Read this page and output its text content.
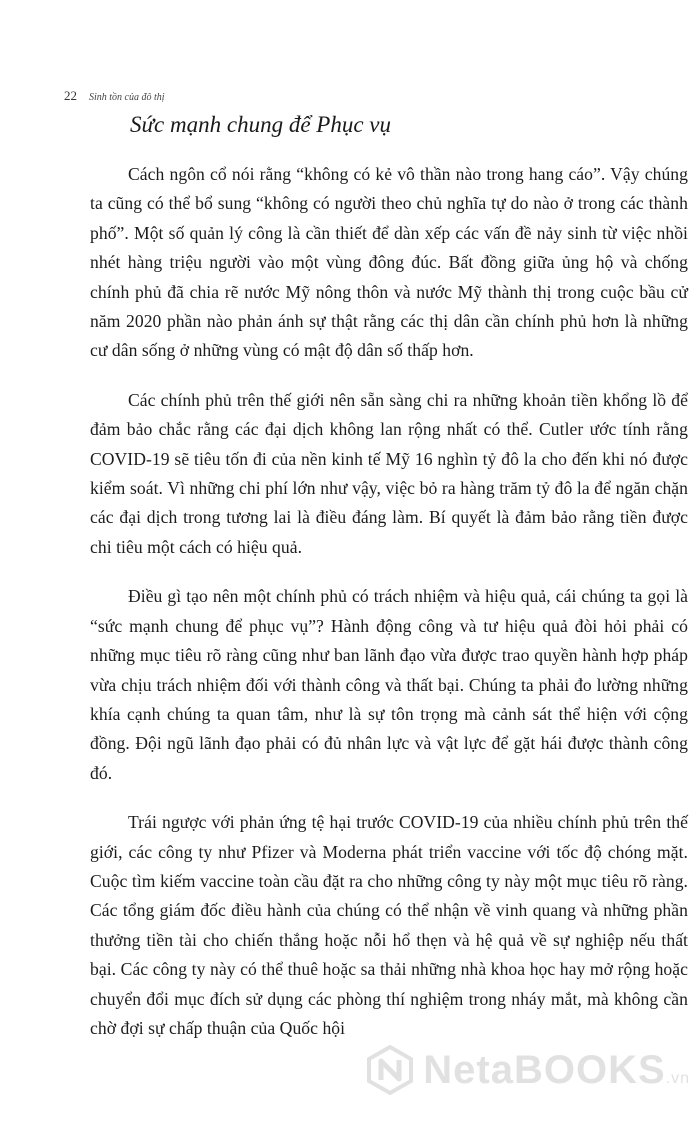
22 Sinh tồn của đô thị
Sức mạnh chung để Phục vụ

Cách ngôn cổ nói rằng “không có kẻ vô thần nào trong hang cáo”. Vậy chúng ta cũng có thể bổ sung “không có người theo chủ nghĩa tự do nào ở trong các thành phố”. Một số quản lý công là cần thiết để dàn xếp các vấn đề nảy sinh từ việc nhồi nhét hàng triệu người vào một vùng đông đúc. Bất đồng giữa ủng hộ và chống chính phủ đã chia rẽ nước Mỹ nông thôn và nước Mỹ thành thị trong cuộc bầu cử năm 2020 phần nào phản ánh sự thật rằng các thị dân cần chính phủ hơn là những cư dân sống ở những vùng có mật độ dân số thấp hơn.

Các chính phủ trên thế giới nên sẵn sàng chi ra những khoản tiền khổng lồ để đảm bảo chắc rằng các đại dịch không lan rộng nhất có thể. Cutler ước tính rằng COVID-19 sẽ tiêu tốn đi của nền kinh tế Mỹ 16 nghìn tỷ đô la cho đến khi nó được kiểm soát. Vì những chi phí lớn như vậy, việc bỏ ra hàng trăm tỷ đô la để ngăn chặn các đại dịch trong tương lai là điều đáng làm. Bí quyết là đảm bảo rằng tiền được chi tiêu một cách có hiệu quả.

Điều gì tạo nên một chính phủ có trách nhiệm và hiệu quả, cái chúng ta gọi là “sức mạnh chung để phục vụ”? Hành động công và tư hiệu quả đòi hỏi phải có những mục tiêu rõ ràng cũng như ban lãnh đạo vừa được trao quyền hành hợp pháp vừa chịu trách nhiệm đối với thành công và thất bại. Chúng ta phải đo lường những khía cạnh chúng ta quan tâm, như là sự tôn trọng mà cảnh sát thể hiện với cộng đồng. Đội ngũ lãnh đạo phải có đủ nhân lực và vật lực để gặt hái được thành công đó.

Trái ngược với phản ứng tệ hại trước COVID-19 của nhiều chính phủ trên thế giới, các công ty như Pfizer và Moderna phát triển vaccine với tốc độ chóng mặt. Cuộc tìm kiếm vaccine toàn cầu đặt ra cho những công ty này một mục tiêu rõ ràng. Các tổng giám đốc điều hành của chúng có thể nhận về vinh quang và những phần thưởng tiền tài cho chiến thắng hoặc nỗi hổ thẹn và hệ quả về sự nghiệp nếu thất bại. Các công ty này có thể thuê hoặc sa thải những nhà khoa học hay mở rộng hoặc chuyển đổi mục đích sử dụng các phòng thí nghiệm trong nháy mắt, mà không cần chờ đợi sự chấp thuận của Quốc hội

NetaBOOKS.vn
